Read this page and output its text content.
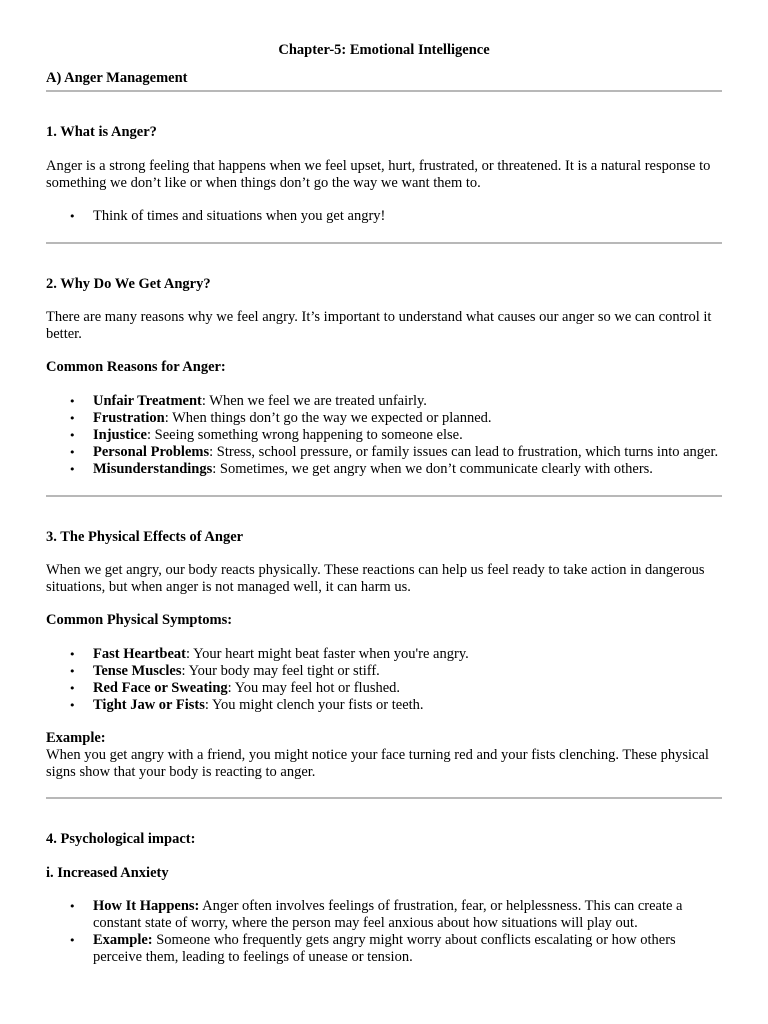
Chapter-5: Emotional Intelligence
A) Anger Management
1. What is Anger?

Anger is a strong feeling that happens when we feel upset, hurt, frustrated, or threatened. It is a natural response to something we don’t like or when things don’t go the way we want them to.

• Think of times and situations when you get angry!
2. Why Do We Get Angry?

There are many reasons why we feel angry. It’s important to understand what causes our anger so we can control it better.

Common Reasons for Anger:
• Unfair Treatment: When we feel we are treated unfairly.
• Frustration: When things don’t go the way we expected or planned.
• Injustice: Seeing something wrong happening to someone else.
• Personal Problems: Stress, school pressure, or family issues can lead to frustration, which turns into anger.
• Misunderstandings: Sometimes, we get angry when we don’t communicate clearly with others.
3. The Physical Effects of Anger

When we get angry, our body reacts physically. These reactions can help us feel ready to take action in dangerous situations, but when anger is not managed well, it can harm us.

Common Physical Symptoms:
• Fast Heartbeat: Your heart might beat faster when you're angry.
• Tense Muscles: Your body may feel tight or stiff.
• Red Face or Sweating: You may feel hot or flushed.
• Tight Jaw or Fists: You might clench your fists or teeth.
Example:

When you get angry with a friend, you might notice your face turning red and your fists clenching. These physical signs show that your body is reacting to anger.

4. Psychological impact:
i. Increased Anxiety
• How It Happens: Anger often involves feelings of frustration, fear, or helplessness. This can create a constant state of worry, where the person may feel anxious about how situations will play out.
• Example: Someone who frequently gets angry might worry about conflicts escalating or how others perceive them, leading to feelings of unease or tension.
